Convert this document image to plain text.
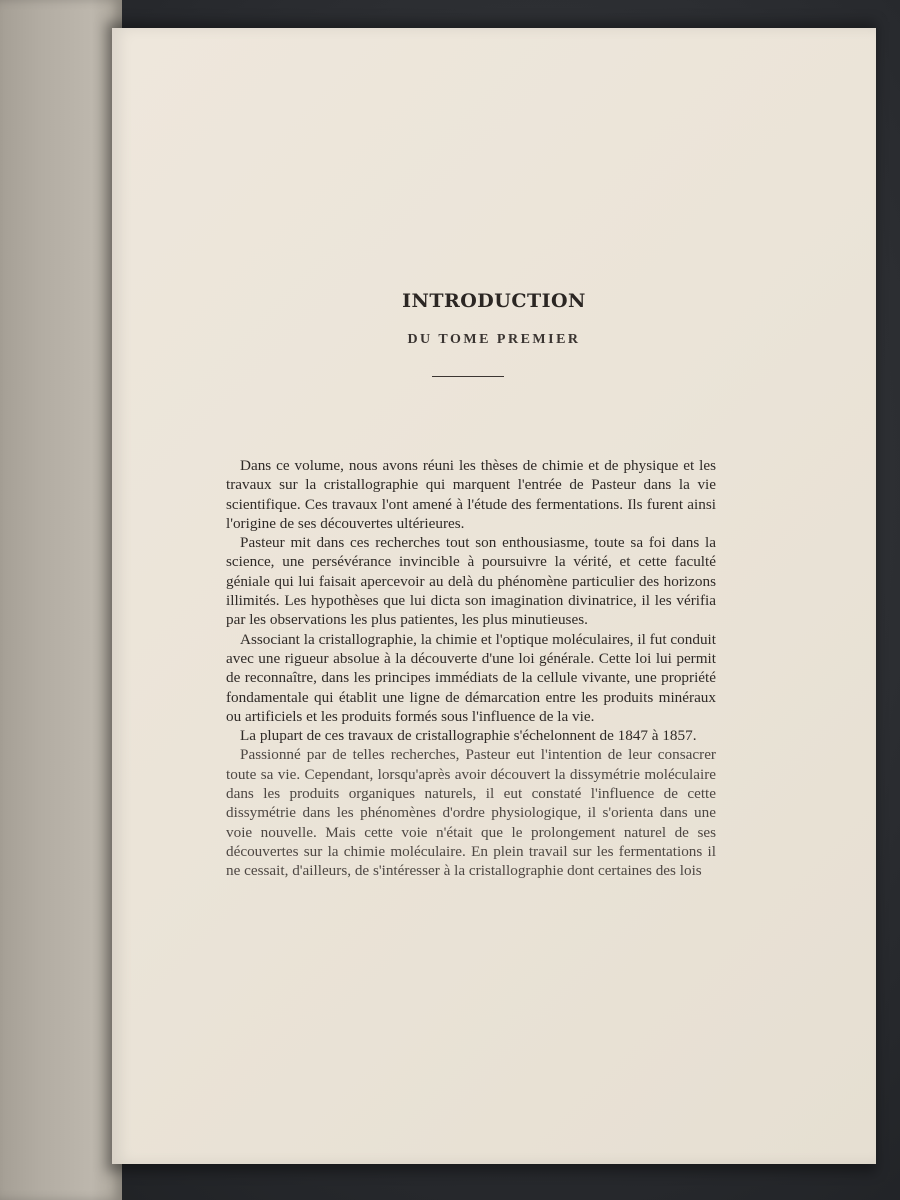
INTRODUCTION
DU TOME PREMIER

Dans ce volume, nous avons réuni les thèses de chimie et de physique et les travaux sur la cristallographie qui marquent l'entrée de Pasteur dans la vie scientifique. Ces travaux l'ont amené à l'étude des fermentations. Ils furent ainsi l'origine de ses découvertes ultérieures.

Pasteur mit dans ces recherches tout son enthousiasme, toute sa foi dans la science, une persévérance invincible à poursuivre la vérité, et cette faculté géniale qui lui faisait apercevoir au delà du phénomène particulier des horizons illimités. Les hypothèses que lui dicta son imagination divinatrice, il les vérifia par les observations les plus patientes, les plus minutieuses.

Associant la cristallographie, la chimie et l'optique moléculaires, il fut conduit avec une rigueur absolue à la découverte d'une loi générale. Cette loi lui permit de reconnaître, dans les principes immédiats de la cellule vivante, une propriété fondamentale qui établit une ligne de démarcation entre les produits minéraux ou artificiels et les produits formés sous l'influence de la vie.

La plupart de ces travaux de cristallographie s'échelonnent de 1847 à 1857.

Passionné par de telles recherches, Pasteur eut l'intention de leur consacrer toute sa vie. Cependant, lorsqu'après avoir découvert la dissymétrie moléculaire dans les produits organiques naturels, il eut constaté l'influence de cette dissymétrie dans les phénomènes d'ordre physiologique, il s'orienta dans une voie nouvelle. Mais cette voie n'était que le prolongement naturel de ses découvertes sur la chimie moléculaire. En plein travail sur les fermentations il ne cessait, d'ailleurs, de s'intéresser à la cristallographie dont certaines des lois
